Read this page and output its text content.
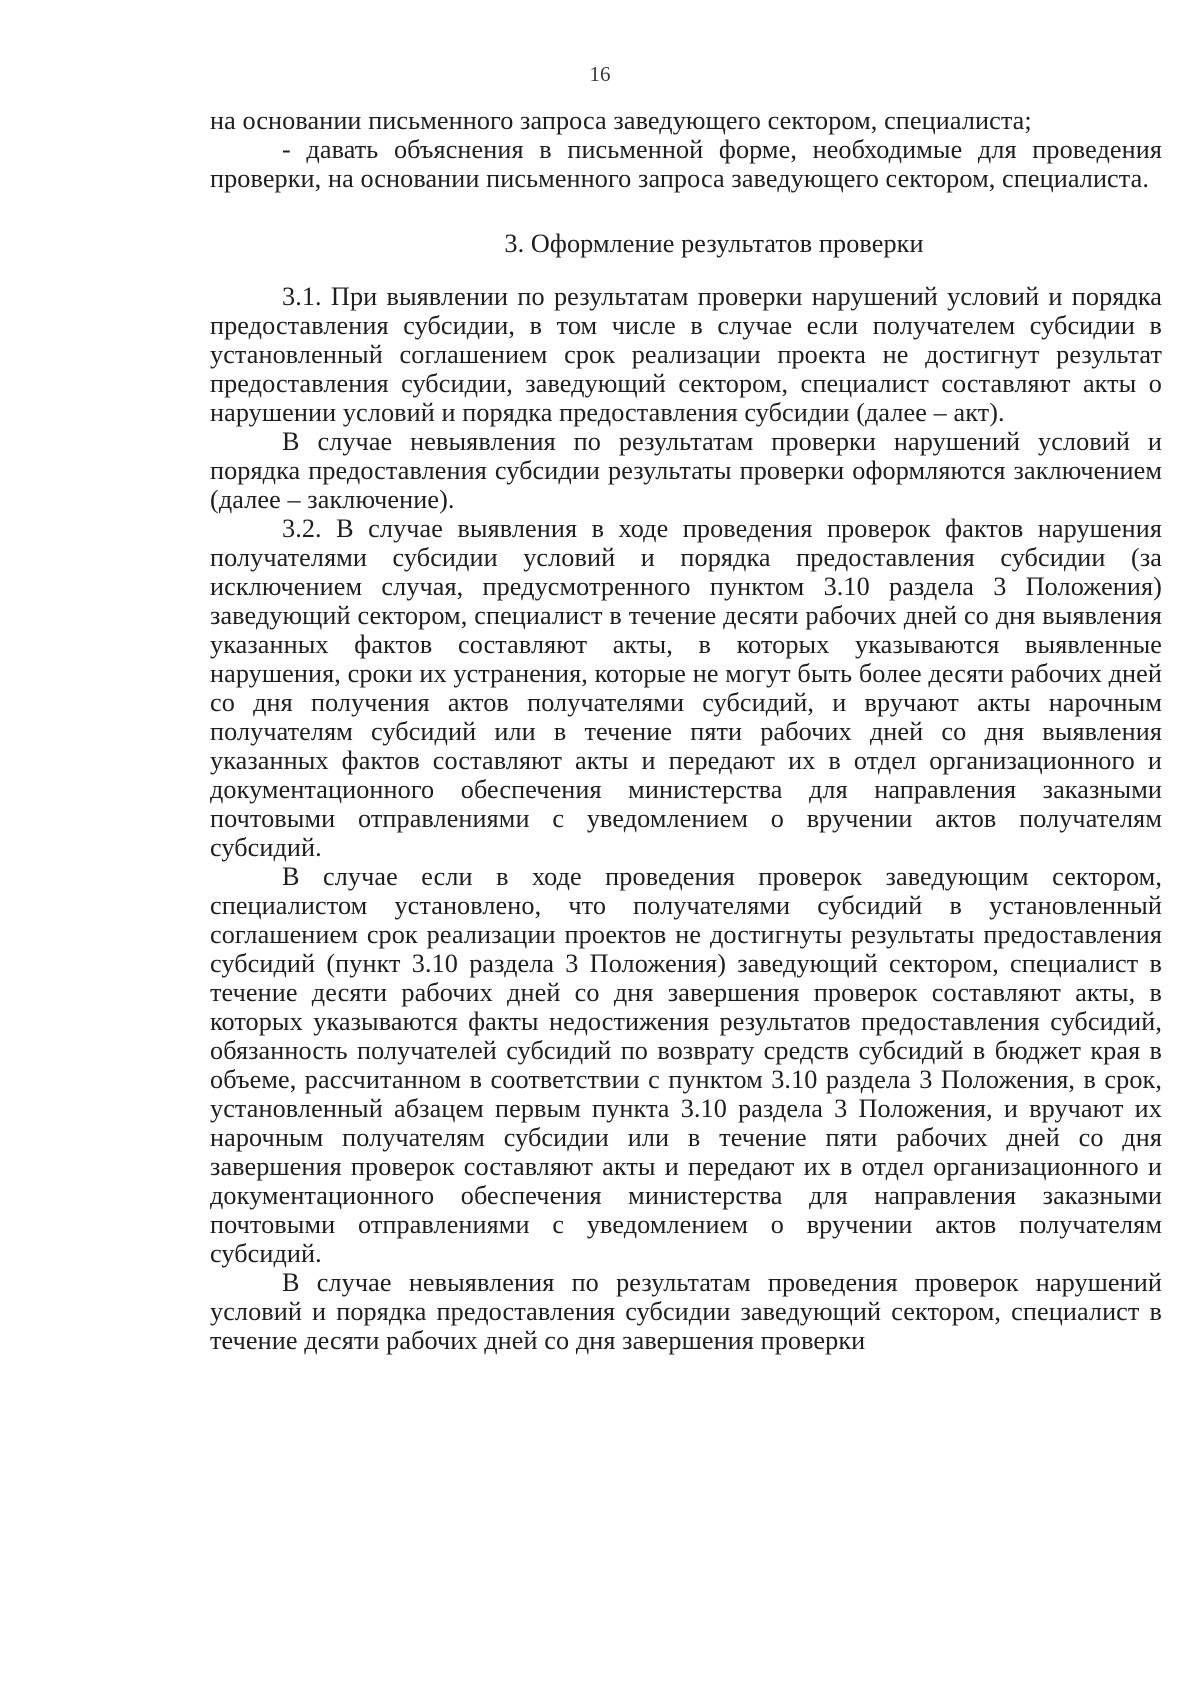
16

на основании письменного запроса заведующего сектором, специалиста;

- давать объяснения в письменной форме, необходимые для проведения проверки, на основании письменного запроса заведующего сектором, специалиста.

3. Оформление результатов проверки

3.1. При выявлении по результатам проверки нарушений условий и порядка предоставления субсидии, в том числе в случае если получателем субсидии в установленный соглашением срок реализации проекта не достигнут результат предоставления субсидии, заведующий сектором, специалист составляют акты о нарушении условий и порядка предоставления субсидии (далее – акт).

В случае невыявления по результатам проверки нарушений условий и порядка предоставления субсидии результаты проверки оформляются заключением (далее – заключение).

3.2. В случае выявления в ходе проведения проверок фактов нарушения получателями субсидии условий и порядка предоставления субсидии (за исключением случая, предусмотренного пунктом 3.10 раздела 3 Положения) заведующий сектором, специалист в течение десяти рабочих дней со дня выявления указанных фактов составляют акты, в которых указываются выявленные нарушения, сроки их устранения, которые не могут быть более десяти рабочих дней со дня получения актов получателями субсидий, и вручают акты нарочным получателям субсидий или в течение пяти рабочих дней со дня выявления указанных фактов составляют акты и передают их в отдел организационного и документационного обеспечения министерства для направления заказными почтовыми отправлениями с уведомлением о вручении актов получателям субсидий.

В случае если в ходе проведения проверок заведующим сектором, специалистом установлено, что получателями субсидий в установленный соглашением срок реализации проектов не достигнуты результаты предоставления субсидий (пункт 3.10 раздела 3 Положения) заведующий сектором, специалист в течение десяти рабочих дней со дня завершения проверок составляют акты, в которых указываются факты недостижения результатов предоставления субсидий, обязанность получателей субсидий по возврату средств субсидий в бюджет края в объеме, рассчитанном в соответствии с пунктом 3.10 раздела 3 Положения, в срок, установленный абзацем первым пункта 3.10 раздела 3 Положения, и вручают их нарочным получателям субсидии или в течение пяти рабочих дней со дня завершения проверок составляют акты и передают их в отдел организационного и документационного обеспечения министерства для направления заказными почтовыми отправлениями с уведомлением о вручении актов получателям субсидий.

В случае невыявления по результатам проведения проверок нарушений условий и порядка предоставления субсидии заведующий сектором, специалист в течение десяти рабочих дней со дня завершения проверки
